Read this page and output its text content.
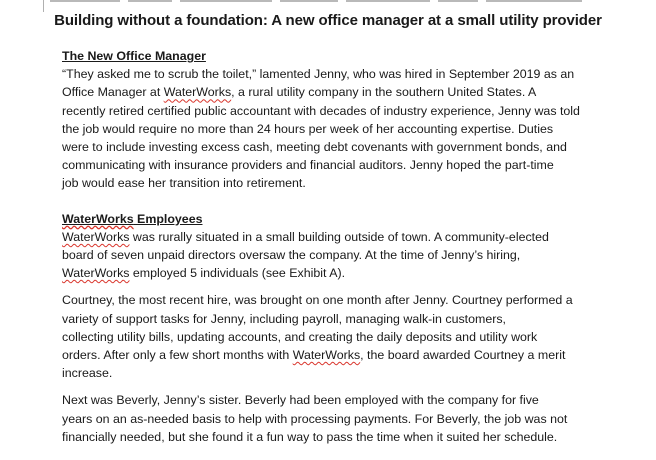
Building without a foundation: A new office manager at a small utility provider

The New Office Manager

“They asked me to scrub the toilet,” lamented Jenny, who was hired in September 2019 as an
Office Manager at WaterWorks, a rural utility company in the southern United States. A
recently retired certified public accountant with decades of industry experience, Jenny was told
the job would require no more than 24 hours per week of her accounting expertise. Duties
were to include investing excess cash, meeting debt covenants with government bonds, and
communicating with insurance providers and financial auditors. Jenny hoped the part-time
job would ease her transition into retirement.

WaterWorks Employees

WaterWorks was rurally situated in a small building outside of town. A community-elected
board of seven unpaid directors oversaw the company. At the time of Jenny’s hiring,
WaterWorks employed 5 individuals (see Exhibit A).

Courtney, the most recent hire, was brought on one month after Jenny. Courtney performed a
variety of support tasks for Jenny, including payroll, managing walk-in customers,
collecting utility bills, updating accounts, and creating the daily deposits and utility work
orders. After only a few short months with WaterWorks, the board awarded Courtney a merit
increase.

Next was Beverly, Jenny’s sister. Beverly had been employed with the company for five
years on an as-needed basis to help with processing payments. For Beverly, the job was not
financially needed, but she found it a fun way to pass the time when it suited her schedule.
